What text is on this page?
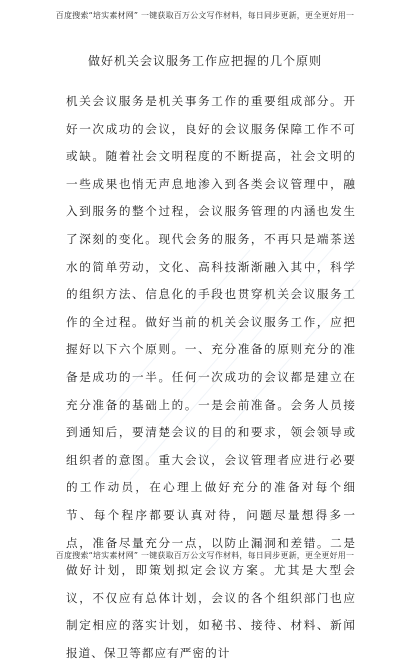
百度搜索“培实素材网” 一键获取百万公文写作材料，每日同步更新，更全更好用一
做好机关会议服务工作应把握的几个原则
机关会议服务是机关事务工作的重要组成部分。开好一次成功的会议，良好的会议服务保障工作不可或缺。随着社会文明程度的不断提高，社会文明的一些成果也悄无声息地渗入到各类会议管理中，融入到服务的整个过程，会议服务管理的内涵也发生了深刻的变化。现代会务的服务，不再只是端茶送水的简单劳动，文化、高科技渐渐融入其中，科学的组织方法、信息化的手段也贯穿机关会议服务工作的全过程。做好当前的机关会议服务工作，应把握好以下六个原则。一、充分准备的原则充分的准备是成功的一半。任何一次成功的会议都是建立在充分准备的基础上的。一是会前准备。会务人员接到通知后，要清楚会议的目的和要求，领会领导或组织者的意图。重大会议，会议管理者应进行必要的工作动员，在心理上做好充分的准备对每个细节、每个程序都要认真对待，问题尽量想得多一点，准备尽量充分一点，以防止漏洞和差错。二是做好计划，即策划拟定会议方案。尤其是大型会议，不仅应有总体计划，会议的各个组织部门也应制定相应的落实计划，如秘书、接待、材料、新闻报道、保卫等都应有严密的计
百度搜索“培实素材网” 一键获取百万公文写作材料，每日同步更新，更全更好用一
